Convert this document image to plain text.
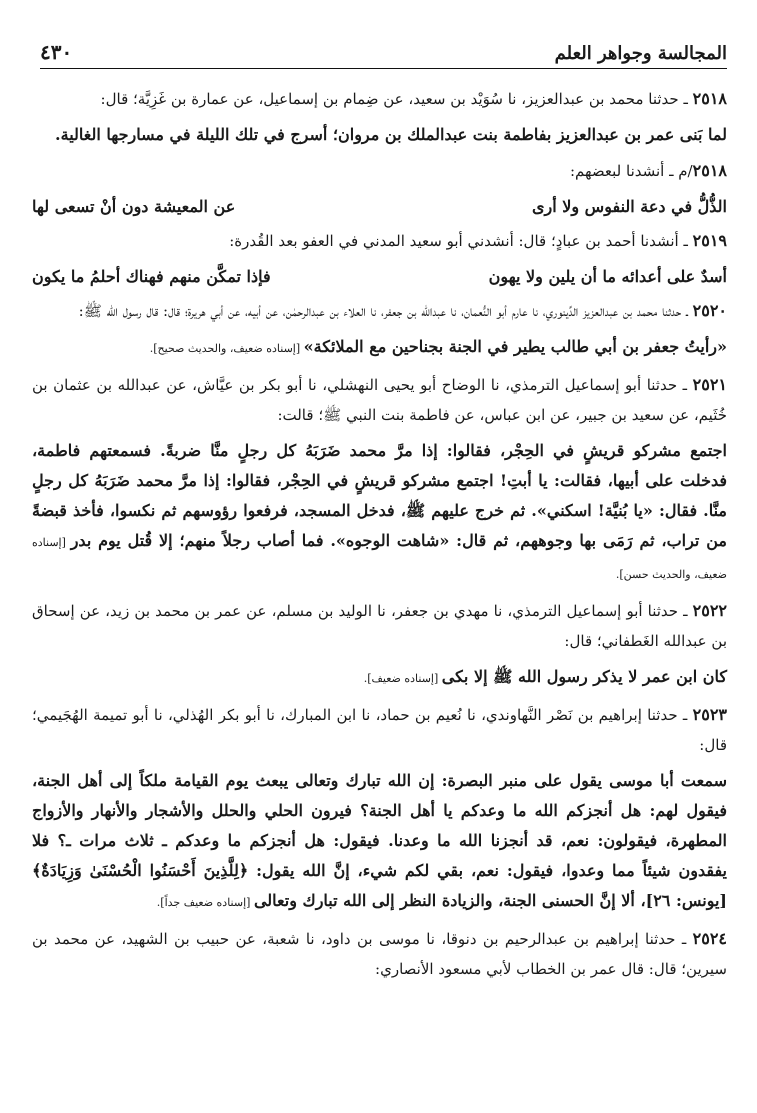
المجالسة وجواهر العلم
٤٣٠

٢٥١٨ ـ حدثنا محمد بن عبدالعزيز، نا سُوَيْد بن سعيد، عن ضِمام بن إسماعيل، عن عمارة بن غَزِيَّة؛ قال:

لما بَنى عمر بن عبدالعزيز بفاطمة بنت عبدالملك بن مروان؛ أسرج في تلك الليلة في مسارجها الغالية.

٢٥١٨/م ـ أنشدنا لبعضهم:

الذُّلُّ في دعة النفوس ولا أرى
عن المعيشة دون أنْ تسعى لها

٢٥١٩ ـ أنشدنا أحمد بن عبادٍ؛ قال: أنشدني أبو سعيد المدني في العفو بعد القُدرة:

أسدٌ على أعدائه ما أن يلين ولا يهون
فإذا تمكَّن منهم فهناك أحلمُ ما يكون

٢٥٢٠ ـ حدثنا محمد بن عبدالعزيز الدِّينوري، نا عارم أبو النُّعمان، نا عبدالله بن جعفر، نا العلاء بن عبدالرحمٰن، عن أبيه، عن أبي هريرة؛ قال: قال رسول الله ﷺ:

«رأيتُ جعفر بن أبي طالب يطير في الجنة بجناحين مع الملائكة» [إسناده ضعيف، والحديث صحيح].

٢٥٢١ ـ حدثنا أبو إسماعيل الترمذي، نا الوضاح أبو يحيى النهشلي، نا أبو بكر بن عيَّاش، عن عبدالله بن عثمان بن خُثَيم، عن سعيد بن جبير، عن ابن عباس، عن فاطمة بنت النبي ﷺ؛ قالت:

اجتمع مشركو قريشٍ في الحِجْر، فقالوا: إذا مرَّ محمد ضَرَبَهُ كل رجلٍ منَّا ضربةً. فسمعتهم فاطمة، فدخلت على أبيها، فقالت: يا أبتِ! اجتمع مشركو قريشٍ في الحِجْر، فقالوا: إذا مرَّ محمد ضَرَبَهُ كل رجلٍ منَّا. فقال: «يا بُنيَّة! اسكني». ثم خرج عليهم ﷺ، فدخل المسجد، فرفعوا رؤوسهم ثم نكسوا، فأخذ قبضةً من تراب، ثم رَمَى بها وجوههم، ثم قال: «شاهت الوجوه». فما أصاب رجلاً منهم؛ إلا قُتل يوم بدر [إسناده ضعيف، والحديث حسن].

٢٥٢٢ ـ حدثنا أبو إسماعيل الترمذي، نا مهدي بن جعفر، نا الوليد بن مسلم، عن عمر بن محمد بن زيد، عن إسحاق بن عبدالله الغَطفاني؛ قال:

كان ابن عمر لا يذكر رسول الله ﷺ إلا بكى [إسناده ضعيف].

٢٥٢٣ ـ حدثنا إبراهيم بن نَصْر النَّهاوندي، نا نُعيم بن حماد، نا ابن المبارك، نا أبو بكر الهُذلي، نا أبو تميمة الهُجَيمي؛ قال:

سمعت أبا موسى يقول على منبر البصرة: إن الله تبارك وتعالى يبعث يوم القيامة ملكاً إلى أهل الجنة، فيقول لهم: هل أنجزكم الله ما وعدكم يا أهل الجنة؟ فيرون الحلي والحلل والأشجار والأنهار والأزواج المطهرة، فيقولون: نعم، قد أنجزنا الله ما وعدنا. فيقول: هل أنجزكم ما وعدكم ـ ثلاث مرات ـ؟ فلا يفقدون شيئاً مما وعدوا، فيقول: نعم، بقي لكم شيء، إنَّ الله يقول: ﴿لِلَّذِينَ أَحْسَنُوا الْحُسْنَىٰ وَزِيَادَةٌ﴾ [يونس: ٢٦]، ألا إنَّ الحسنى الجنة، والزيادة النظر إلى الله تبارك وتعالى [إسناده ضعيف جداً].

٢٥٢٤ ـ حدثنا إبراهيم بن عبدالرحيم بن دنوقا، نا موسى بن داود، نا شعبة، عن حبيب بن الشهيد، عن محمد بن سيرين؛ قال: قال عمر بن الخطاب لأبي مسعود الأنصاري:
